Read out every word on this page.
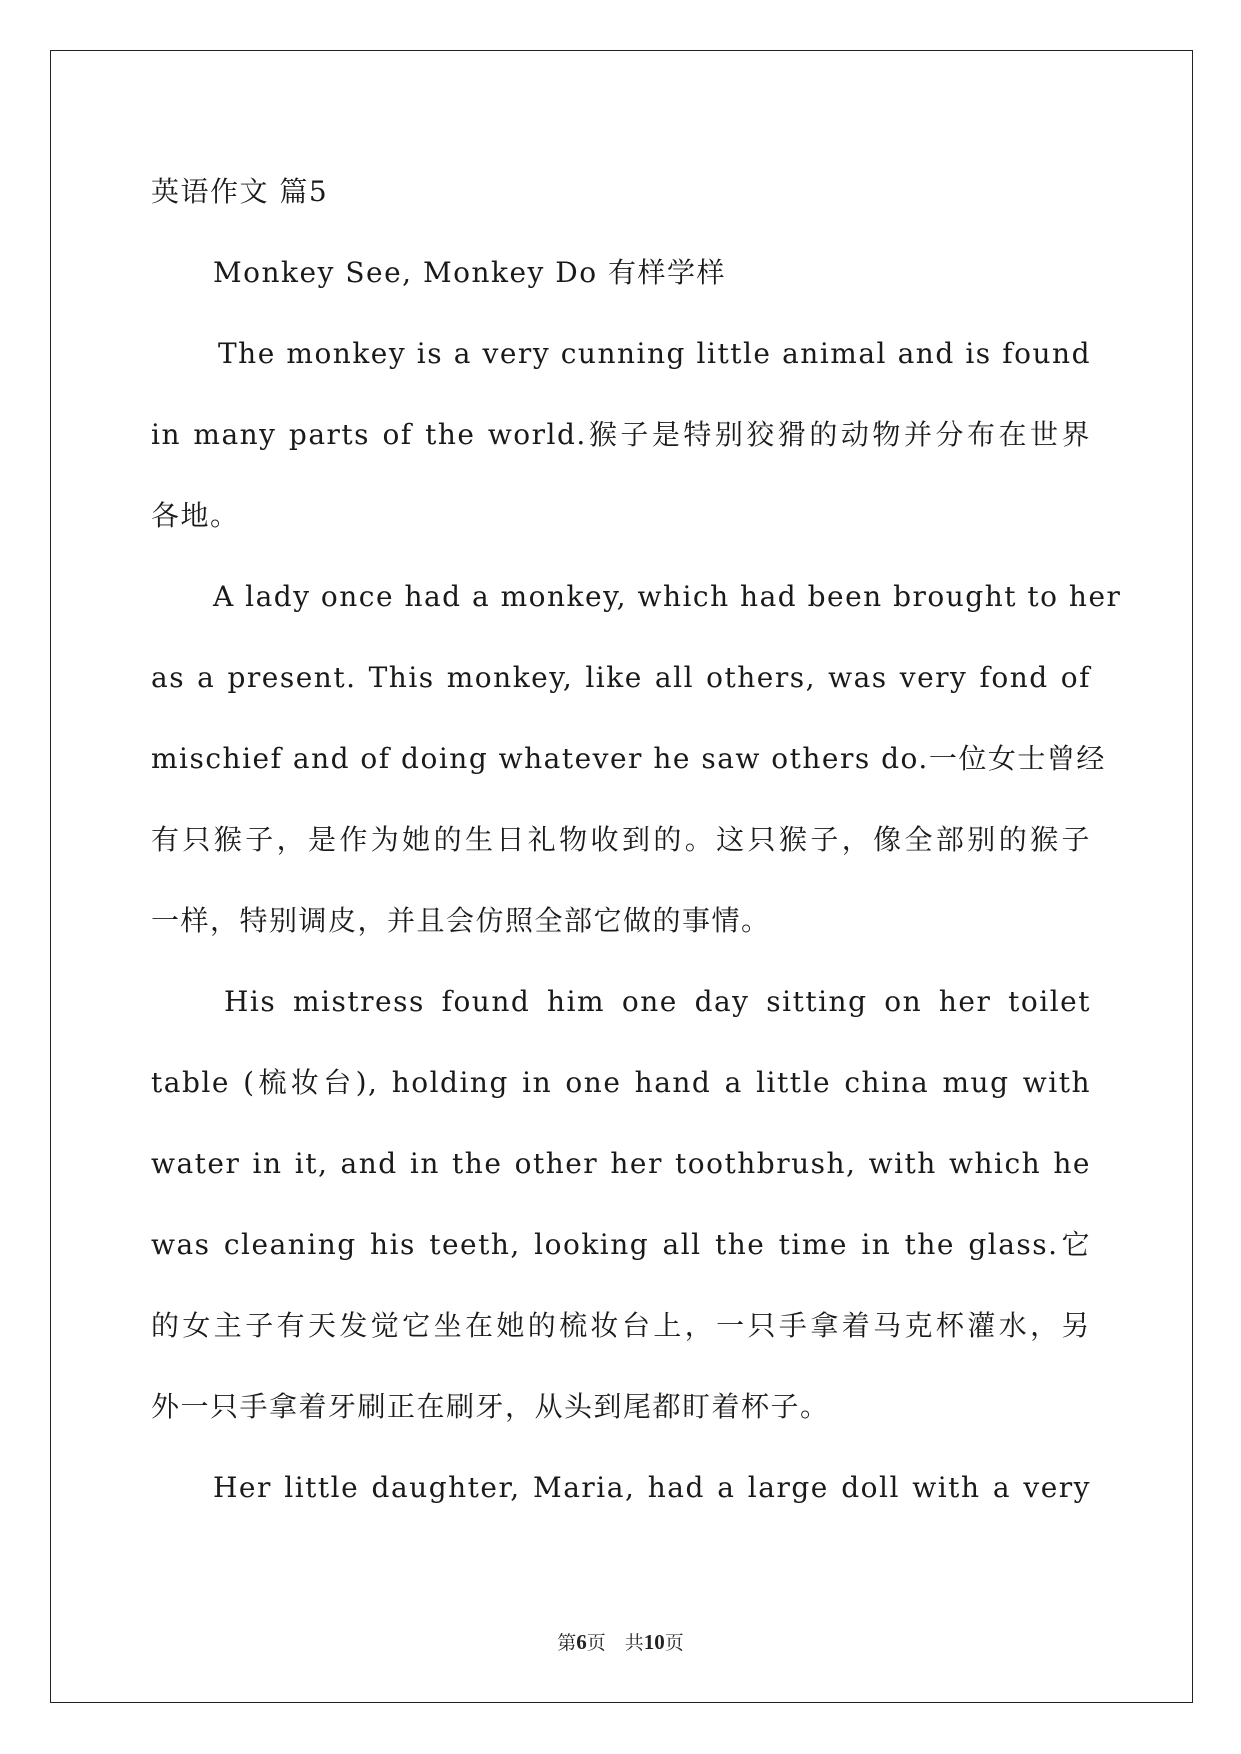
英语作文 篇5
Monkey See, Monkey Do 有样学样
The monkey is a very cunning little animal and is found
in many parts of the world.猴子是特别狡猾的动物并分布在世界
各地。
A lady once had a monkey, which had been brought to her
as a present. This monkey, like all others, was very fond of
mischief and of doing whatever he saw others do.一位女士曾经
有只猴子，是作为她的生日礼物收到的。这只猴子，像全部别的猴子
一样，特别调皮，并且会仿照全部它做的事情。
His mistress found him one day sitting on her toilet
table (梳妆台), holding in one hand a little china mug with
water in it, and in the other her toothbrush, with which he
was cleaning his teeth, looking all the time in the glass.它
的女主子有天发觉它坐在她的梳妆台上，一只手拿着马克杯灌水，另
外一只手拿着牙刷正在刷牙，从头到尾都盯着杯子。
Her little daughter, Maria, had a large doll with a very
第6页　共10页
